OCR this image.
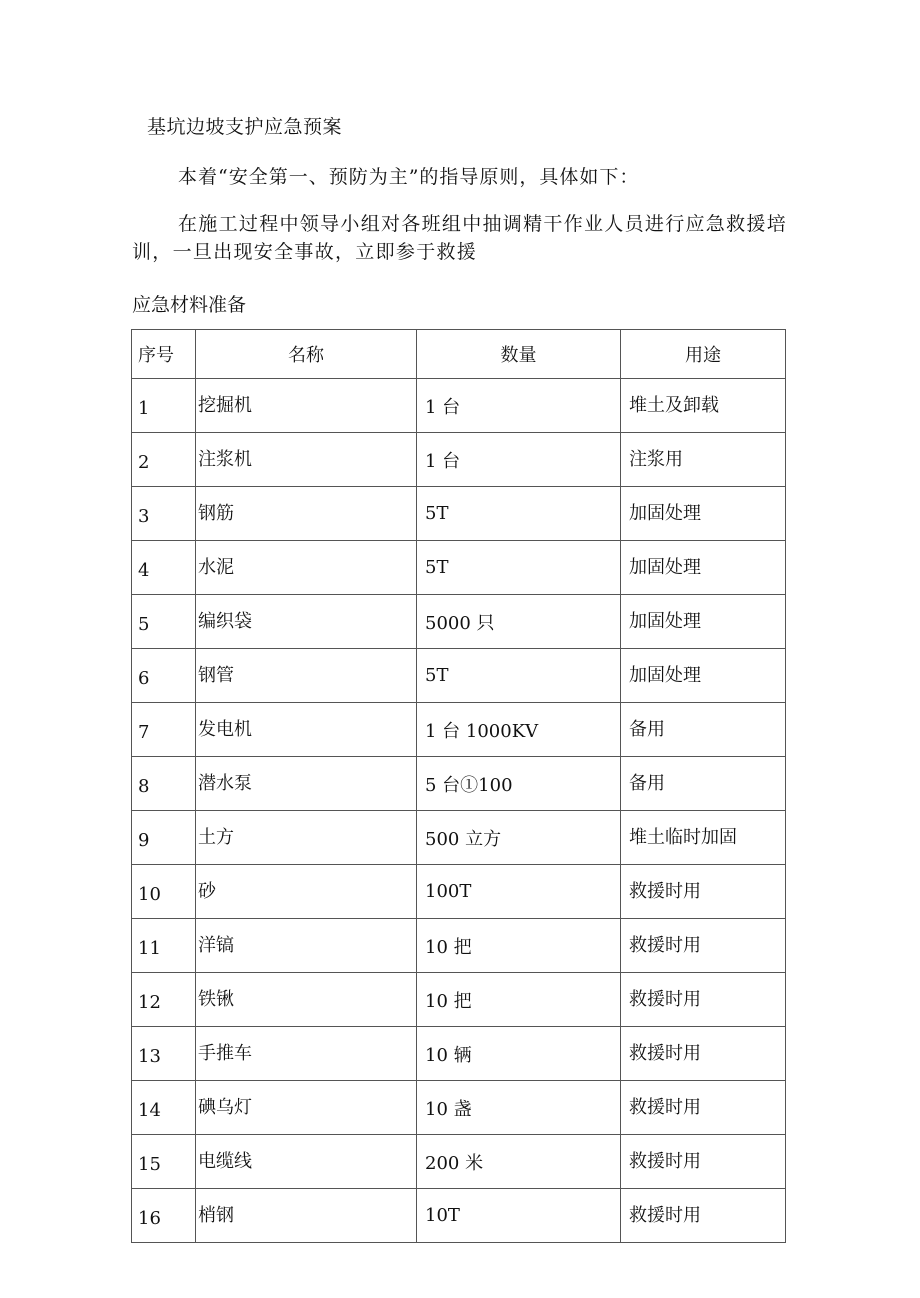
基坑边坡支护应急预案
本着“安全第一、预防为主”的指导原则，具体如下：
在施工过程中领导小组对各班组中抽调精干作业人员进行应急救援培训，一旦出现安全事故，立即参于救援
应急材料准备
序号	名称	数量	用途
1	挖掘机	1 台	堆土及卸载
2	注浆机	1 台	注浆用
3	钢筋	5T	加固处理
4	水泥	5T	加固处理
5	编织袋	5000 只	加固处理
6	钢管	5T	加固处理
7	发电机	1 台 1000KV	备用
8	潜水泵	5 台①100	备用
9	土方	500 立方	堆土临时加固
10	砂	100T	救援时用
11	洋镐	10 把	救援时用
12	铁锹	10 把	救援时用
13	手推车	10 辆	救援时用
14	碘乌灯	10 盏	救援时用
15	电缆线	200 米	救援时用
16	梢钢	10T	救援时用
